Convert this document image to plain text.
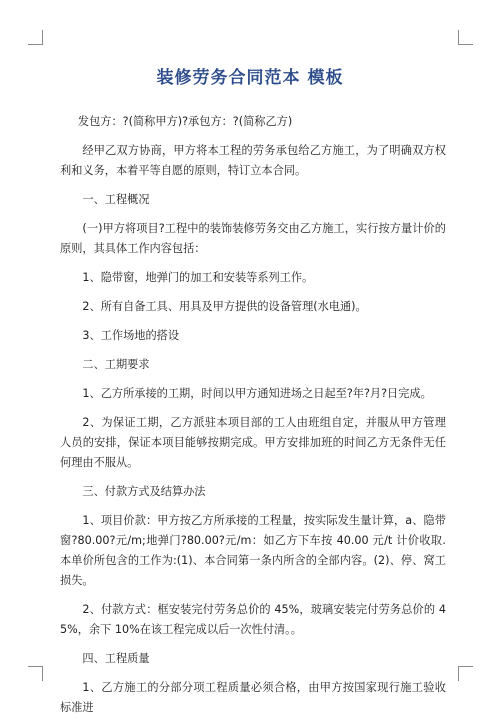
装修劳务合同范本 模板

发包方：?(简称甲方)?承包方：?(简称乙方)

经甲乙双方协商，甲方将本工程的劳务承包给乙方施工，为了明确双方权利和义务，本着平等自愿的原则，特订立本合同。

一、工程概况

(一)甲方将项目?工程中的装饰装修劳务交由乙方施工，实行按方量计价的原则，其具体工作内容包括：

1、隐带窗，地弹门的加工和安装等系列工作。

2、所有自备工具、用具及甲方提供的设备管理(水电通)。

3、工作场地的搭设

二、工期要求

1、乙方所承接的工期，时间以甲方通知进场之日起至?年?月?日完成。

2、为保证工期，乙方派驻本项目部的工人由班组自定，并服从甲方管理人员的安排，保证本项目能够按期完成。甲方安排加班的时间乙方无条件无任何理由不服从。

三、付款方式及结算办法

1、项目价款：甲方按乙方所承接的工程量，按实际发生量计算，a、隐带窗?80.00?元/m;地弹门?80.00?元/m：如乙方下车按 40.00 元/t 计价收取.本单价所包含的工作为:(1)、本合同第一条内所含的全部内容。(2)、停、窝工损失。

2、付款方式：框安装完付劳务总价的 45%，玻璃安装完付劳务总价的 45%，余下 10%在该工程完成以后一次性付清。。

四、工程质量

1、乙方施工的分部分项工程质量必须合格，由甲方按国家现行施工验收标准进
